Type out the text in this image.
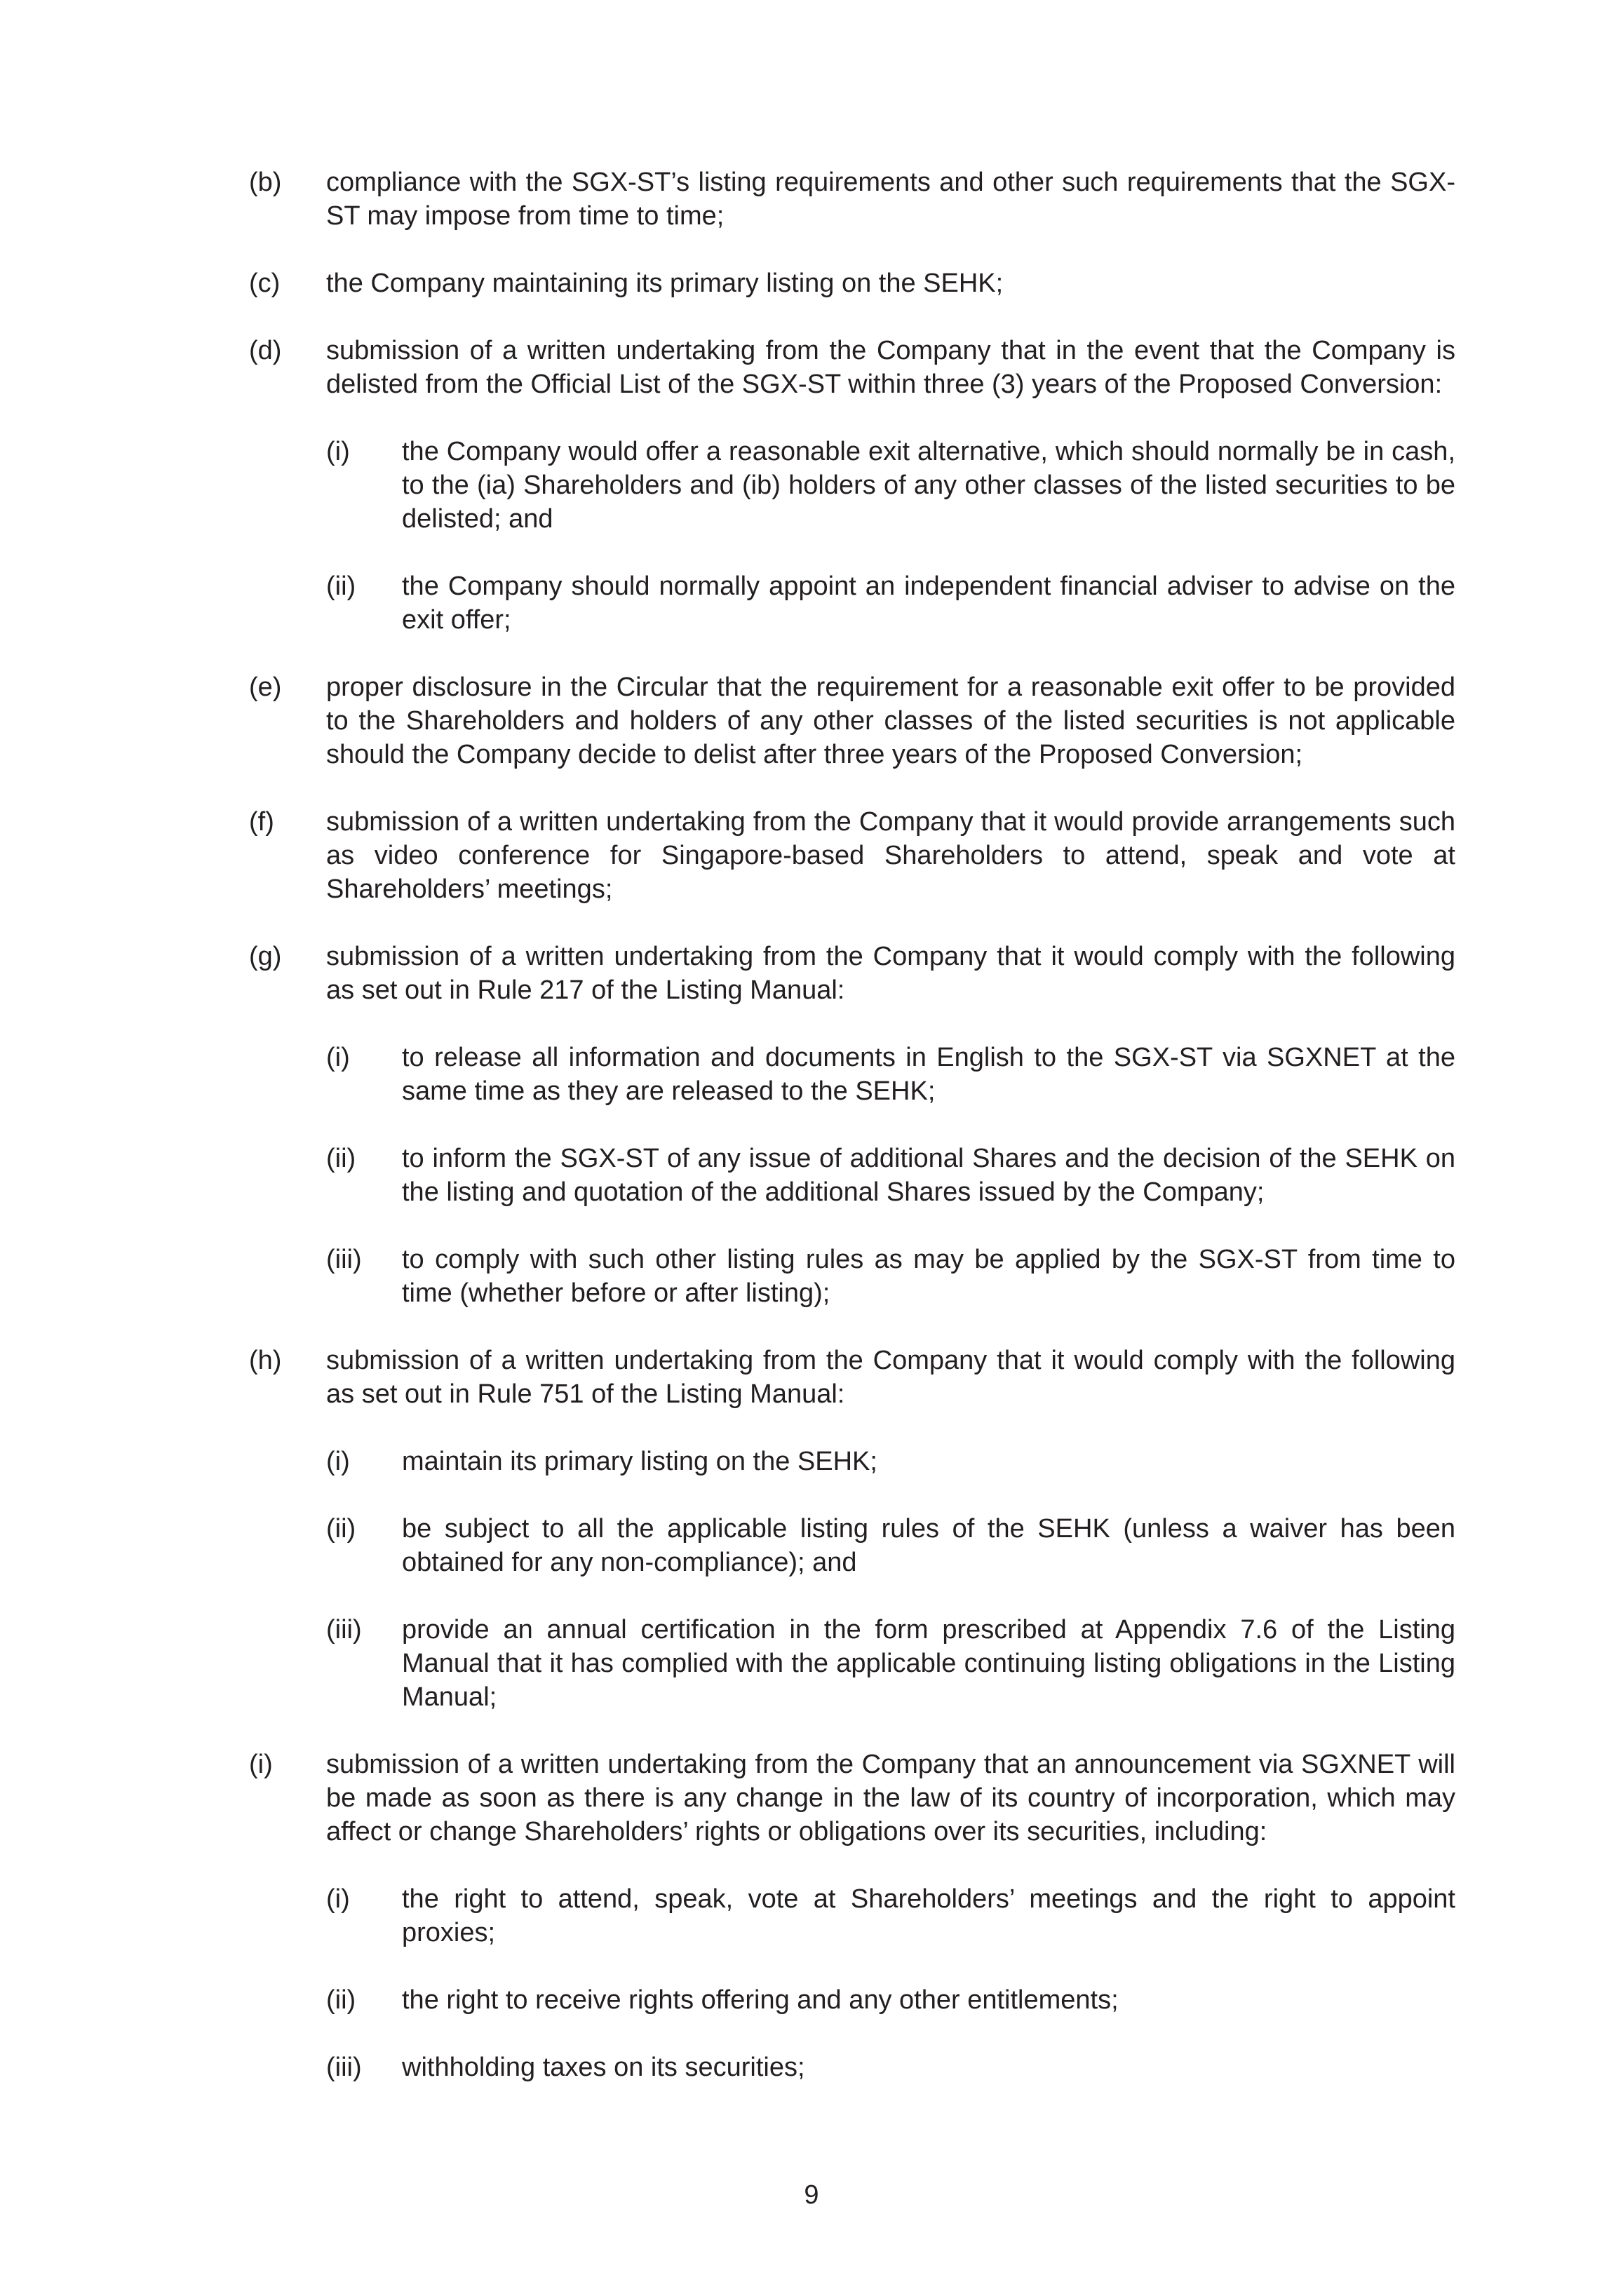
(b)	compliance with the SGX-ST’s listing requirements and other such requirements that the SGX-ST may impose from time to time;
(c)	the Company maintaining its primary listing on the SEHK;
(d)	submission of a written undertaking from the Company that in the event that the Company is delisted from the Official List of the SGX-ST within three (3) years of the Proposed Conversion:
(i)	the Company would offer a reasonable exit alternative, which should normally be in cash, to the (ia) Shareholders and (ib) holders of any other classes of the listed securities to be delisted; and
(ii)	the Company should normally appoint an independent financial adviser to advise on the exit offer;
(e)	proper disclosure in the Circular that the requirement for a reasonable exit offer to be provided to the Shareholders and holders of any other classes of the listed securities is not applicable should the Company decide to delist after three years of the Proposed Conversion;
(f)	submission of a written undertaking from the Company that it would provide arrangements such as video conference for Singapore-based Shareholders to attend, speak and vote at Shareholders’ meetings;
(g)	submission of a written undertaking from the Company that it would comply with the following as set out in Rule 217 of the Listing Manual:
(i)	to release all information and documents in English to the SGX-ST via SGXNET at the same time as they are released to the SEHK;
(ii)	to inform the SGX-ST of any issue of additional Shares and the decision of the SEHK on the listing and quotation of the additional Shares issued by the Company;
(iii)	to comply with such other listing rules as may be applied by the SGX-ST from time to time (whether before or after listing);
(h)	submission of a written undertaking from the Company that it would comply with the following as set out in Rule 751 of the Listing Manual:
(i)	maintain its primary listing on the SEHK;
(ii)	be subject to all the applicable listing rules of the SEHK (unless a waiver has been obtained for any non-compliance); and
(iii)	provide an annual certification in the form prescribed at Appendix 7.6 of the Listing Manual that it has complied with the applicable continuing listing obligations in the Listing Manual;
(i)	submission of a written undertaking from the Company that an announcement via SGXNET will be made as soon as there is any change in the law of its country of incorporation, which may affect or change Shareholders’ rights or obligations over its securities, including:
(i)	the right to attend, speak, vote at Shareholders’ meetings and the right to appoint proxies;
(ii)	the right to receive rights offering and any other entitlements;
(iii)	withholding taxes on its securities;
9
